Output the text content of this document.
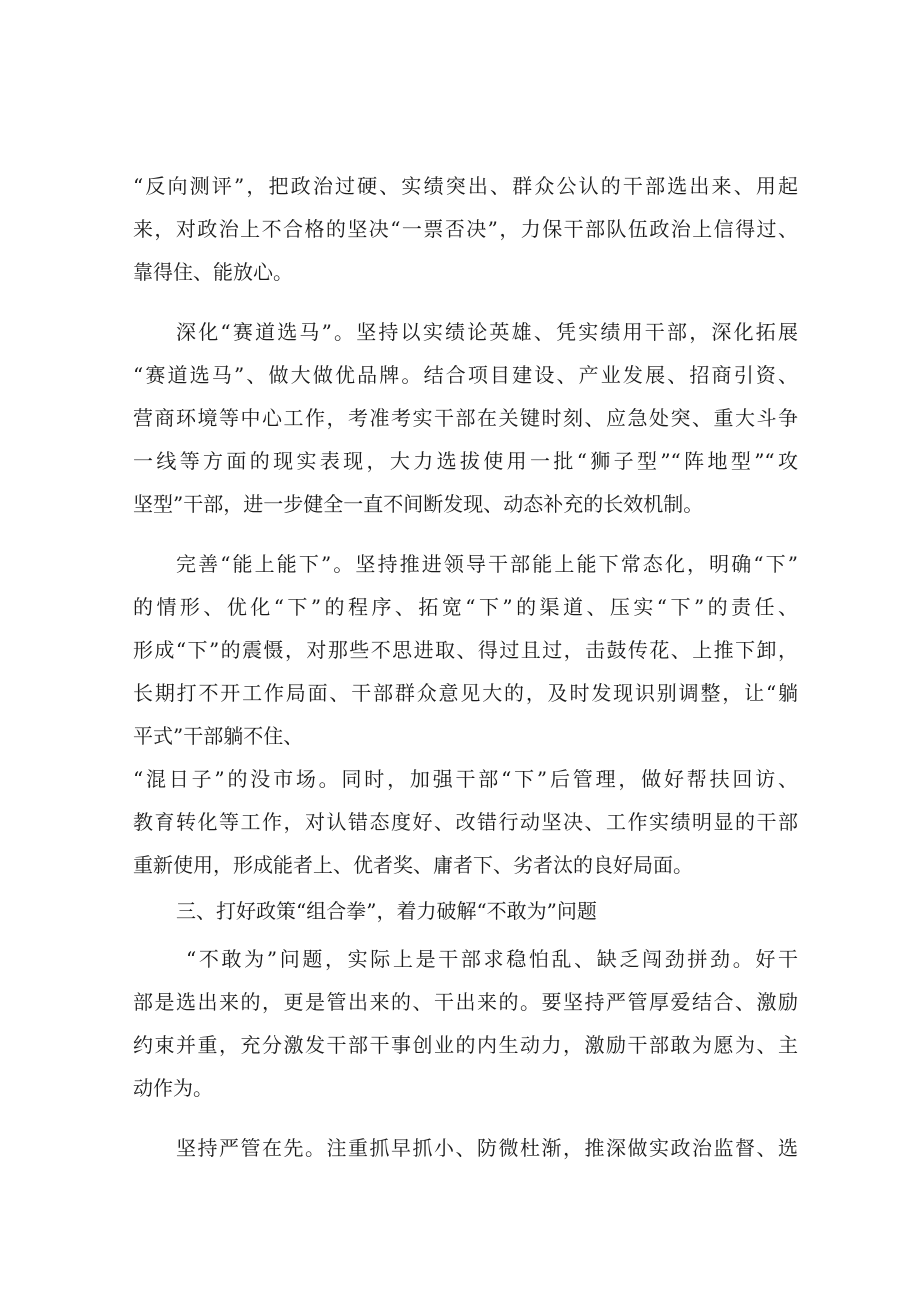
“反向测评”，把政治过硬、实绩突出、群众公认的干部选出来、用起
来，对政治上不合格的坚决“一票否决”，力保干部队伍政治上信得过、
靠得住、能放心。
深化“赛道选马”。坚持以实绩论英雄、凭实绩用干部，深化拓展
“赛道选马”、做大做优品牌。结合项目建设、产业发展、招商引资、
营商环境等中心工作，考准考实干部在关键时刻、应急处突、重大斗争
一线等方面的现实表现，大力选拔使用一批“狮子型”“阵地型”“攻
坚型”干部，进一步健全一直不间断发现、动态补充的长效机制。
完善“能上能下”。坚持推进领导干部能上能下常态化，明确“下”
的情形、优化“下”的程序、拓宽“下”的渠道、压实“下”的责任、
形成“下”的震慑，对那些不思进取、得过且过，击鼓传花、上推下卸，
长期打不开工作局面、干部群众意见大的，及时发现识别调整，让“躺
平式”干部躺不住、
“混日子”的没市场。同时，加强干部“下”后管理，做好帮扶回访、
教育转化等工作，对认错态度好、改错行动坚决、工作实绩明显的干部
重新使用，形成能者上、优者奖、庸者下、劣者汰的良好局面。
三、打好政策“组合拳”，着力破解“不敢为”问题
“不敢为”问题，实际上是干部求稳怕乱、缺乏闯劲拼劲。好干
部是选出来的，更是管出来的、干出来的。要坚持严管厚爱结合、激励
约束并重，充分激发干部干事创业的内生动力，激励干部敢为愿为、主
动作为。
坚持严管在先。注重抓早抓小、防微杜渐，推深做实政治监督、选
